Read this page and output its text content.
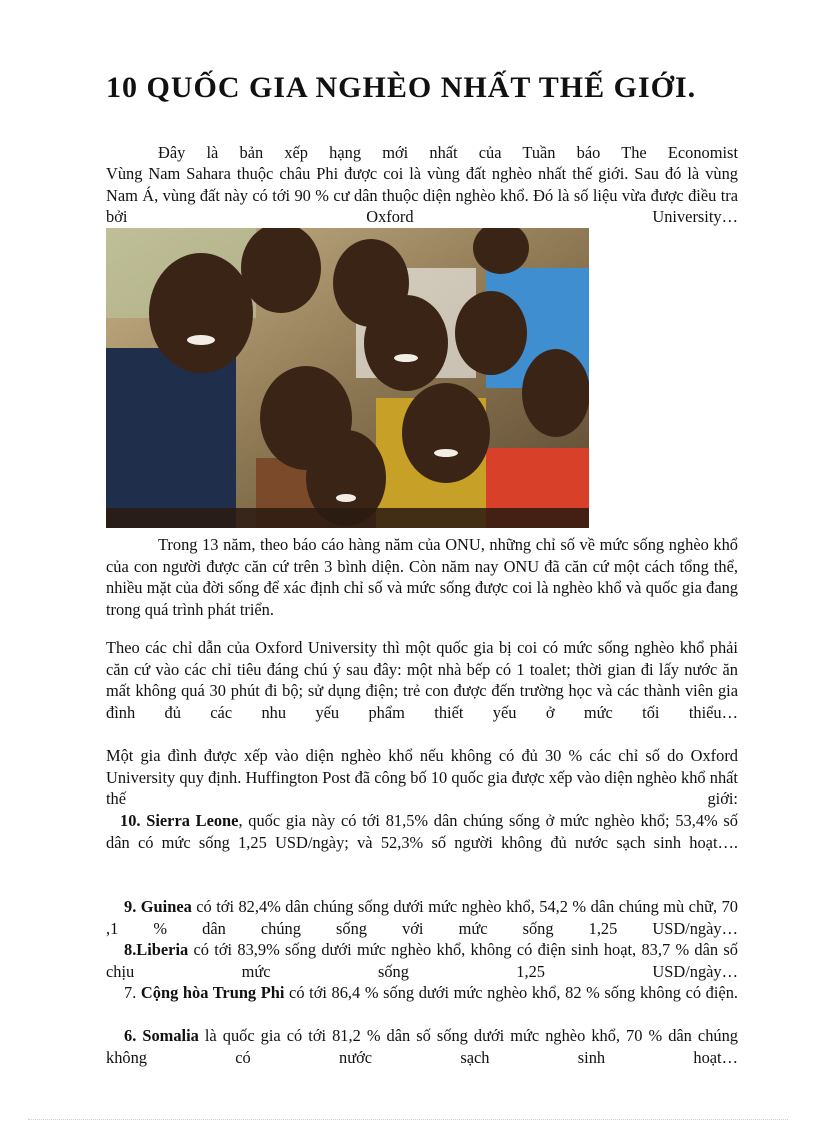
10 QUỐC GIA NGHÈO NHẤT THẾ GIỚI.

Đây là bản xếp hạng mới nhất của Tuần báo The Economist

Vùng Nam Sahara thuộc châu Phi được coi là vùng đất nghèo nhất thế giới. Sau đó là vùng Nam Á, vùng đất này có tới 90 % cư dân thuộc diện nghèo khổ. Đó là số liệu vừa được điều tra bởi Oxford University…

Trong 13 năm, theo báo cáo hàng năm của ONU, những chỉ số về mức sống nghèo khổ của con người được căn cứ trên 3 bình diện. Còn năm nay ONU đã căn cứ một cách tổng thể, nhiều mặt của đời sống để xác định chỉ số và mức sống được coi là nghèo khổ và quốc gia đang trong quá trình phát triển.

Theo các chỉ dẫn của Oxford University thì một quốc gia bị coi có mức sống nghèo khổ phải căn cứ vào các chỉ tiêu đáng chú ý sau đây: một nhà bếp có 1 toalet; thời gian đi lấy nước ăn mất không quá 30 phút đi bộ; sử dụng điện; trẻ con được đến trường học và các thành viên gia đình đủ các nhu yếu phẩm thiết yếu ở mức tối thiểu…

Một gia đình được xếp vào diện nghèo khổ nếu không có đủ 30 % các chỉ số do Oxford University quy định. Huffington Post đã công bố 10 quốc gia được xếp vào diện nghèo khổ nhất thế giới:

10. Sierra Leone, quốc gia này có tới 81,5% dân chúng sống ở mức nghèo khổ; 53,4% số dân có mức sống 1,25 USD/ngày; và 52,3% số người không đủ nước sạch sinh hoạt….

9. Guinea có tới 82,4% dân chúng sống dưới mức nghèo khổ, 54,2 % dân chúng mù chữ, 70 ,1 % dân chúng sống với mức sống 1,25 USD/ngày…

8.Liberia có tới 83,9% sống dưới mức nghèo khổ, không có điện sinh hoạt, 83,7 % dân số chịu mức sống 1,25 USD/ngày…

7. Cộng hòa Trung Phi có tới 86,4 % sống dưới mức nghèo khổ, 82 % sống không có điện.

6. Somalia là quốc gia có tới 81,2 % dân số sống dưới mức nghèo khổ, 70 % dân chúng không có nước sạch sinh hoạt…
